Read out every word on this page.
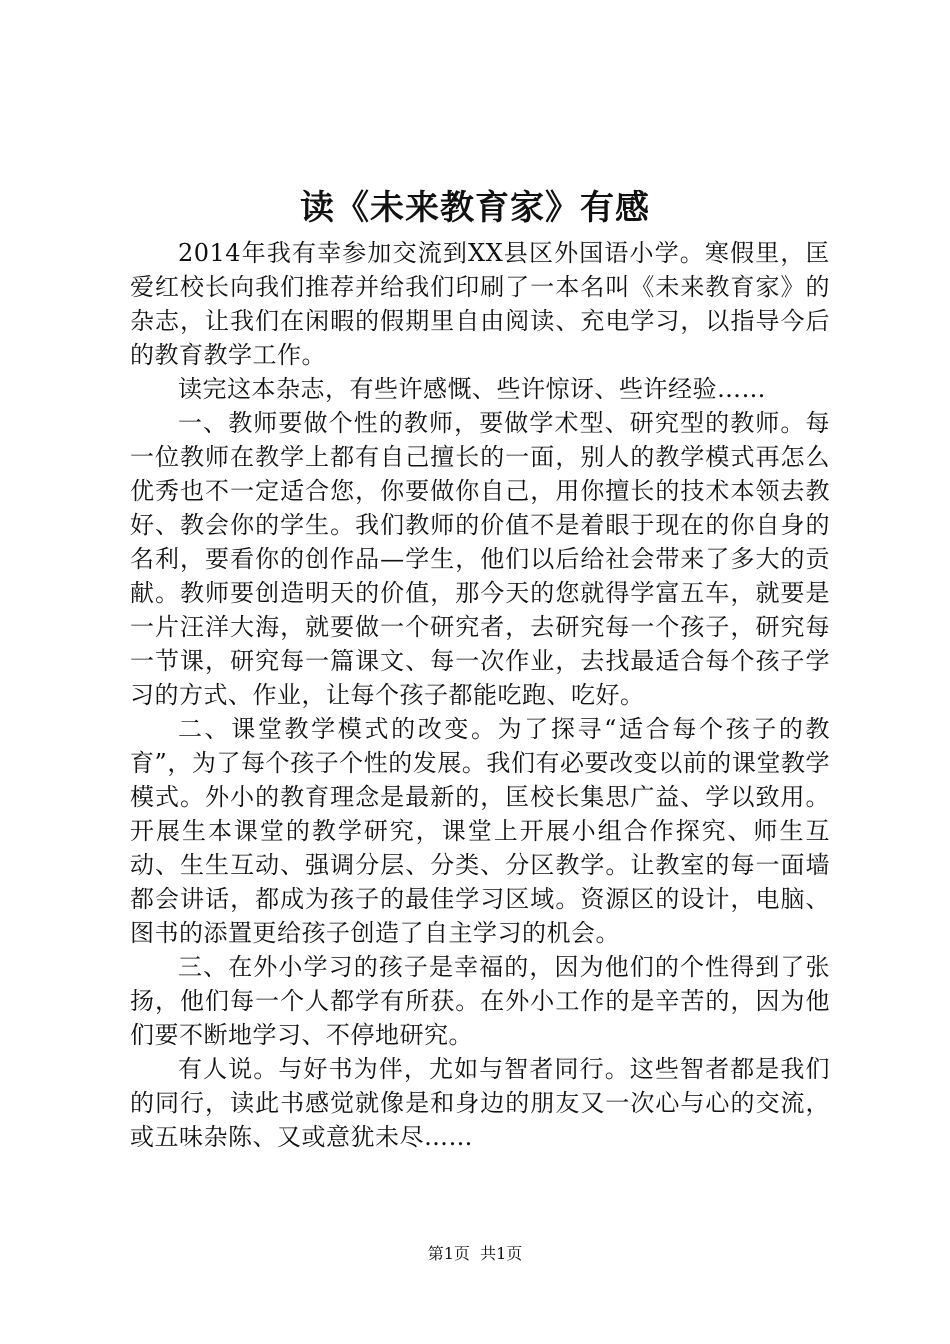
读《未来教育家》有感

2014年我有幸参加交流到XX县区外国语小学。寒假里，匡爱红校长向我们推荐并给我们印刷了一本名叫《未来教育家》的杂志，让我们在闲暇的假期里自由阅读、充电学习，以指导今后的教育教学工作。

读完这本杂志，有些许感慨、些许惊讶、些许经验……

一、教师要做个性的教师，要做学术型、研究型的教师。每一位教师在教学上都有自己擅长的一面，别人的教学模式再怎么优秀也不一定适合您，你要做你自己，用你擅长的技术本领去教好、教会你的学生。我们教师的价值不是着眼于现在的你自身的名利，要看你的创作品—学生，他们以后给社会带来了多大的贡献。教师要创造明天的价值，那今天的您就得学富五车，就要是一片汪洋大海，就要做一个研究者，去研究每一个孩子，研究每一节课，研究每一篇课文、每一次作业，去找最适合每个孩子学习的方式、作业，让每个孩子都能吃跑、吃好。

二、课堂教学模式的改变。为了探寻“适合每个孩子的教育”，为了每个孩子个性的发展。我们有必要改变以前的课堂教学模式。外小的教育理念是最新的，匡校长集思广益、学以致用。开展生本课堂的教学研究，课堂上开展小组合作探究、师生互动、生生互动、强调分层、分类、分区教学。让教室的每一面墙都会讲话，都成为孩子的最佳学习区域。资源区的设计，电脑、图书的添置更给孩子创造了自主学习的机会。

三、在外小学习的孩子是幸福的，因为他们的个性得到了张扬，他们每一个人都学有所获。在外小工作的是辛苦的，因为他们要不断地学习、不停地研究。

有人说。与好书为伴，尤如与智者同行。这些智者都是我们的同行，读此书感觉就像是和身边的朋友又一次心与心的交流，或五味杂陈、又或意犹未尽……

第1页 共1页
